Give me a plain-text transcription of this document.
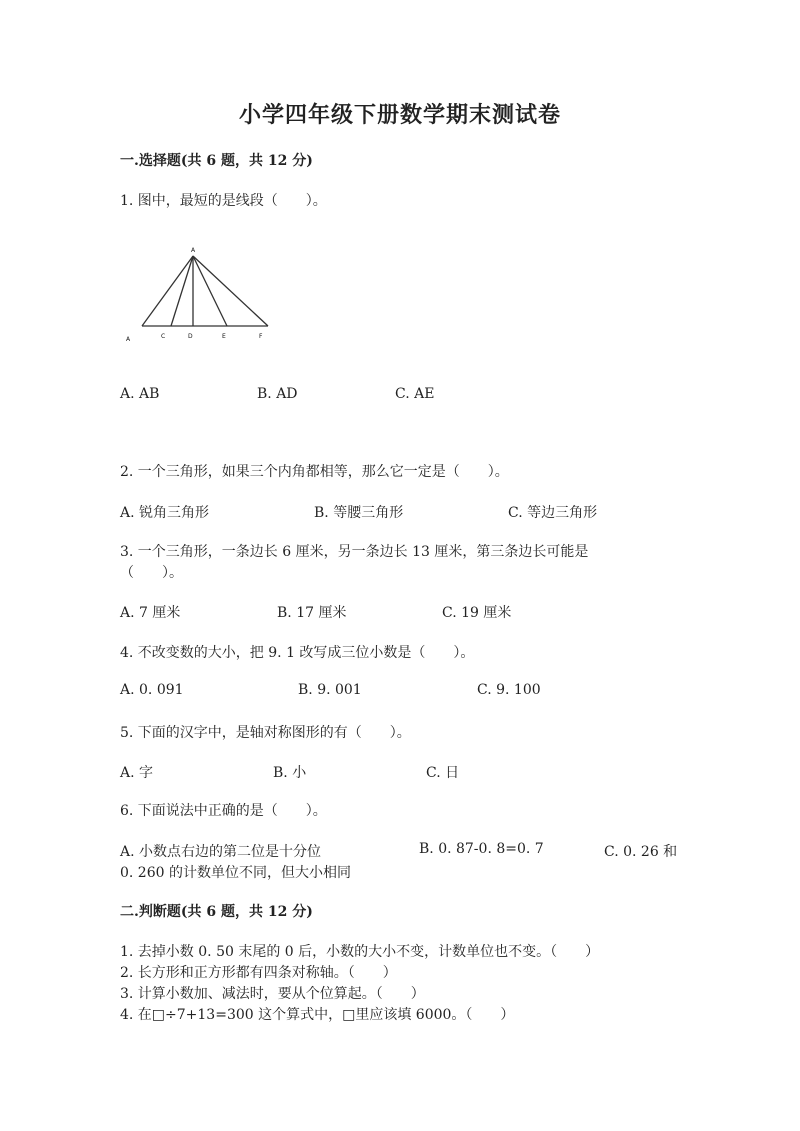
小学四年级下册数学期末测试卷
一.选择题(共 6 题，共 12 分)
1. 图中，最短的是线段（　　）。
A
A	C	D	E	F
A. AB	B. AD	C. AE
2. 一个三角形，如果三个内角都相等，那么它一定是（　　）。
A. 锐角三角形	B. 等腰三角形	C. 等边三角形
3. 一个三角形，一条边长 6 厘米，另一条边长 13 厘米，第三条边长可能是
（　　）。
A. 7 厘米	B. 17 厘米	C. 19 厘米
4. 不改变数的大小，把 9. 1 改写成三位小数是（　　）。
A. 0. 091	B. 9. 001	C. 9. 100
5. 下面的汉字中，是轴对称图形的有（　　）。
A. 字	B. 小	C. 日
6. 下面说法中正确的是（　　）。
A. 小数点右边的第二位是十分位	B. 0. 87-0. 8=0. 7	C. 0. 26 和
0. 260 的计数单位不同，但大小相同
二.判断题(共 6 题，共 12 分)
1. 去掉小数 0. 50 末尾的 0 后，小数的大小不变，计数单位也不变。（　　）
2. 长方形和正方形都有四条对称轴。（　　）
3. 计算小数加、减法时，要从个位算起。（　　）
4. 在□÷7+13=300 这个算式中，□里应该填 6000。（　　）
